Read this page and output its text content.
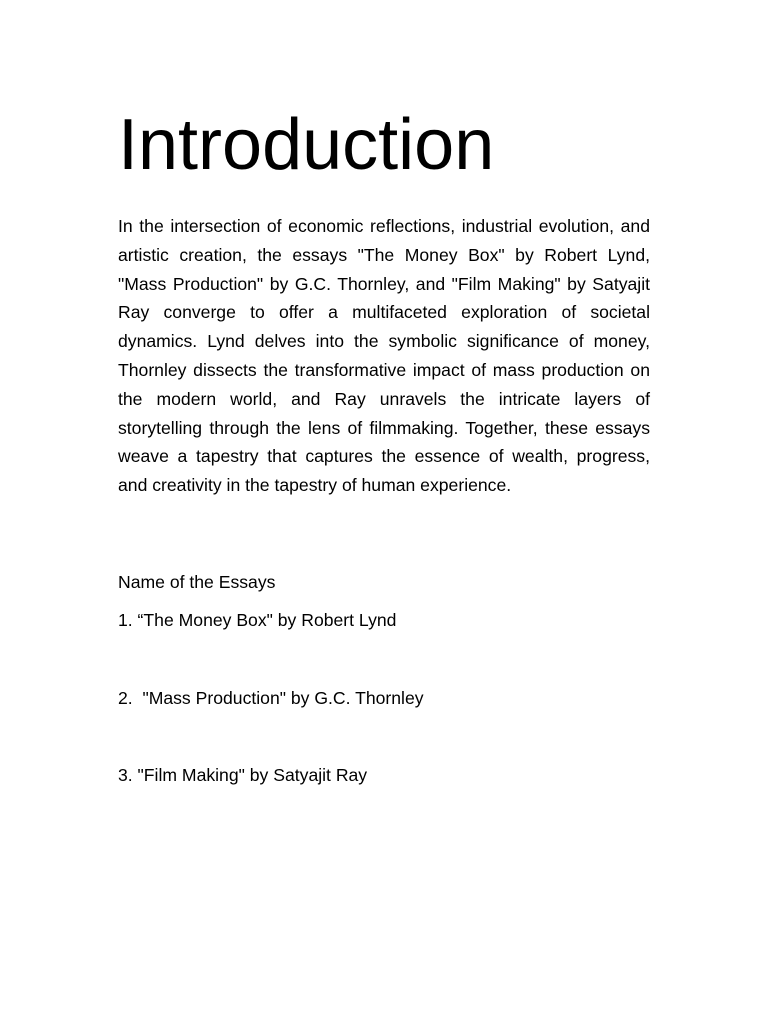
Introduction

In the intersection of economic reflections, industrial evolution, and artistic creation, the essays "The Money Box" by Robert Lynd, "Mass Production" by G.C. Thornley, and "Film Making" by Satyajit Ray converge to offer a multifaceted exploration of societal dynamics. Lynd delves into the symbolic significance of money, Thornley dissects the transformative impact of mass production on the modern world, and Ray unravels the intricate layers of storytelling through the lens of filmmaking. Together, these essays weave a tapestry that captures the essence of wealth, progress, and creativity in the tapestry of human experience.

Name of the Essays

1. “The Money Box" by Robert Lynd

2.  "Mass Production" by G.C. Thornley

3. "Film Making" by Satyajit Ray
